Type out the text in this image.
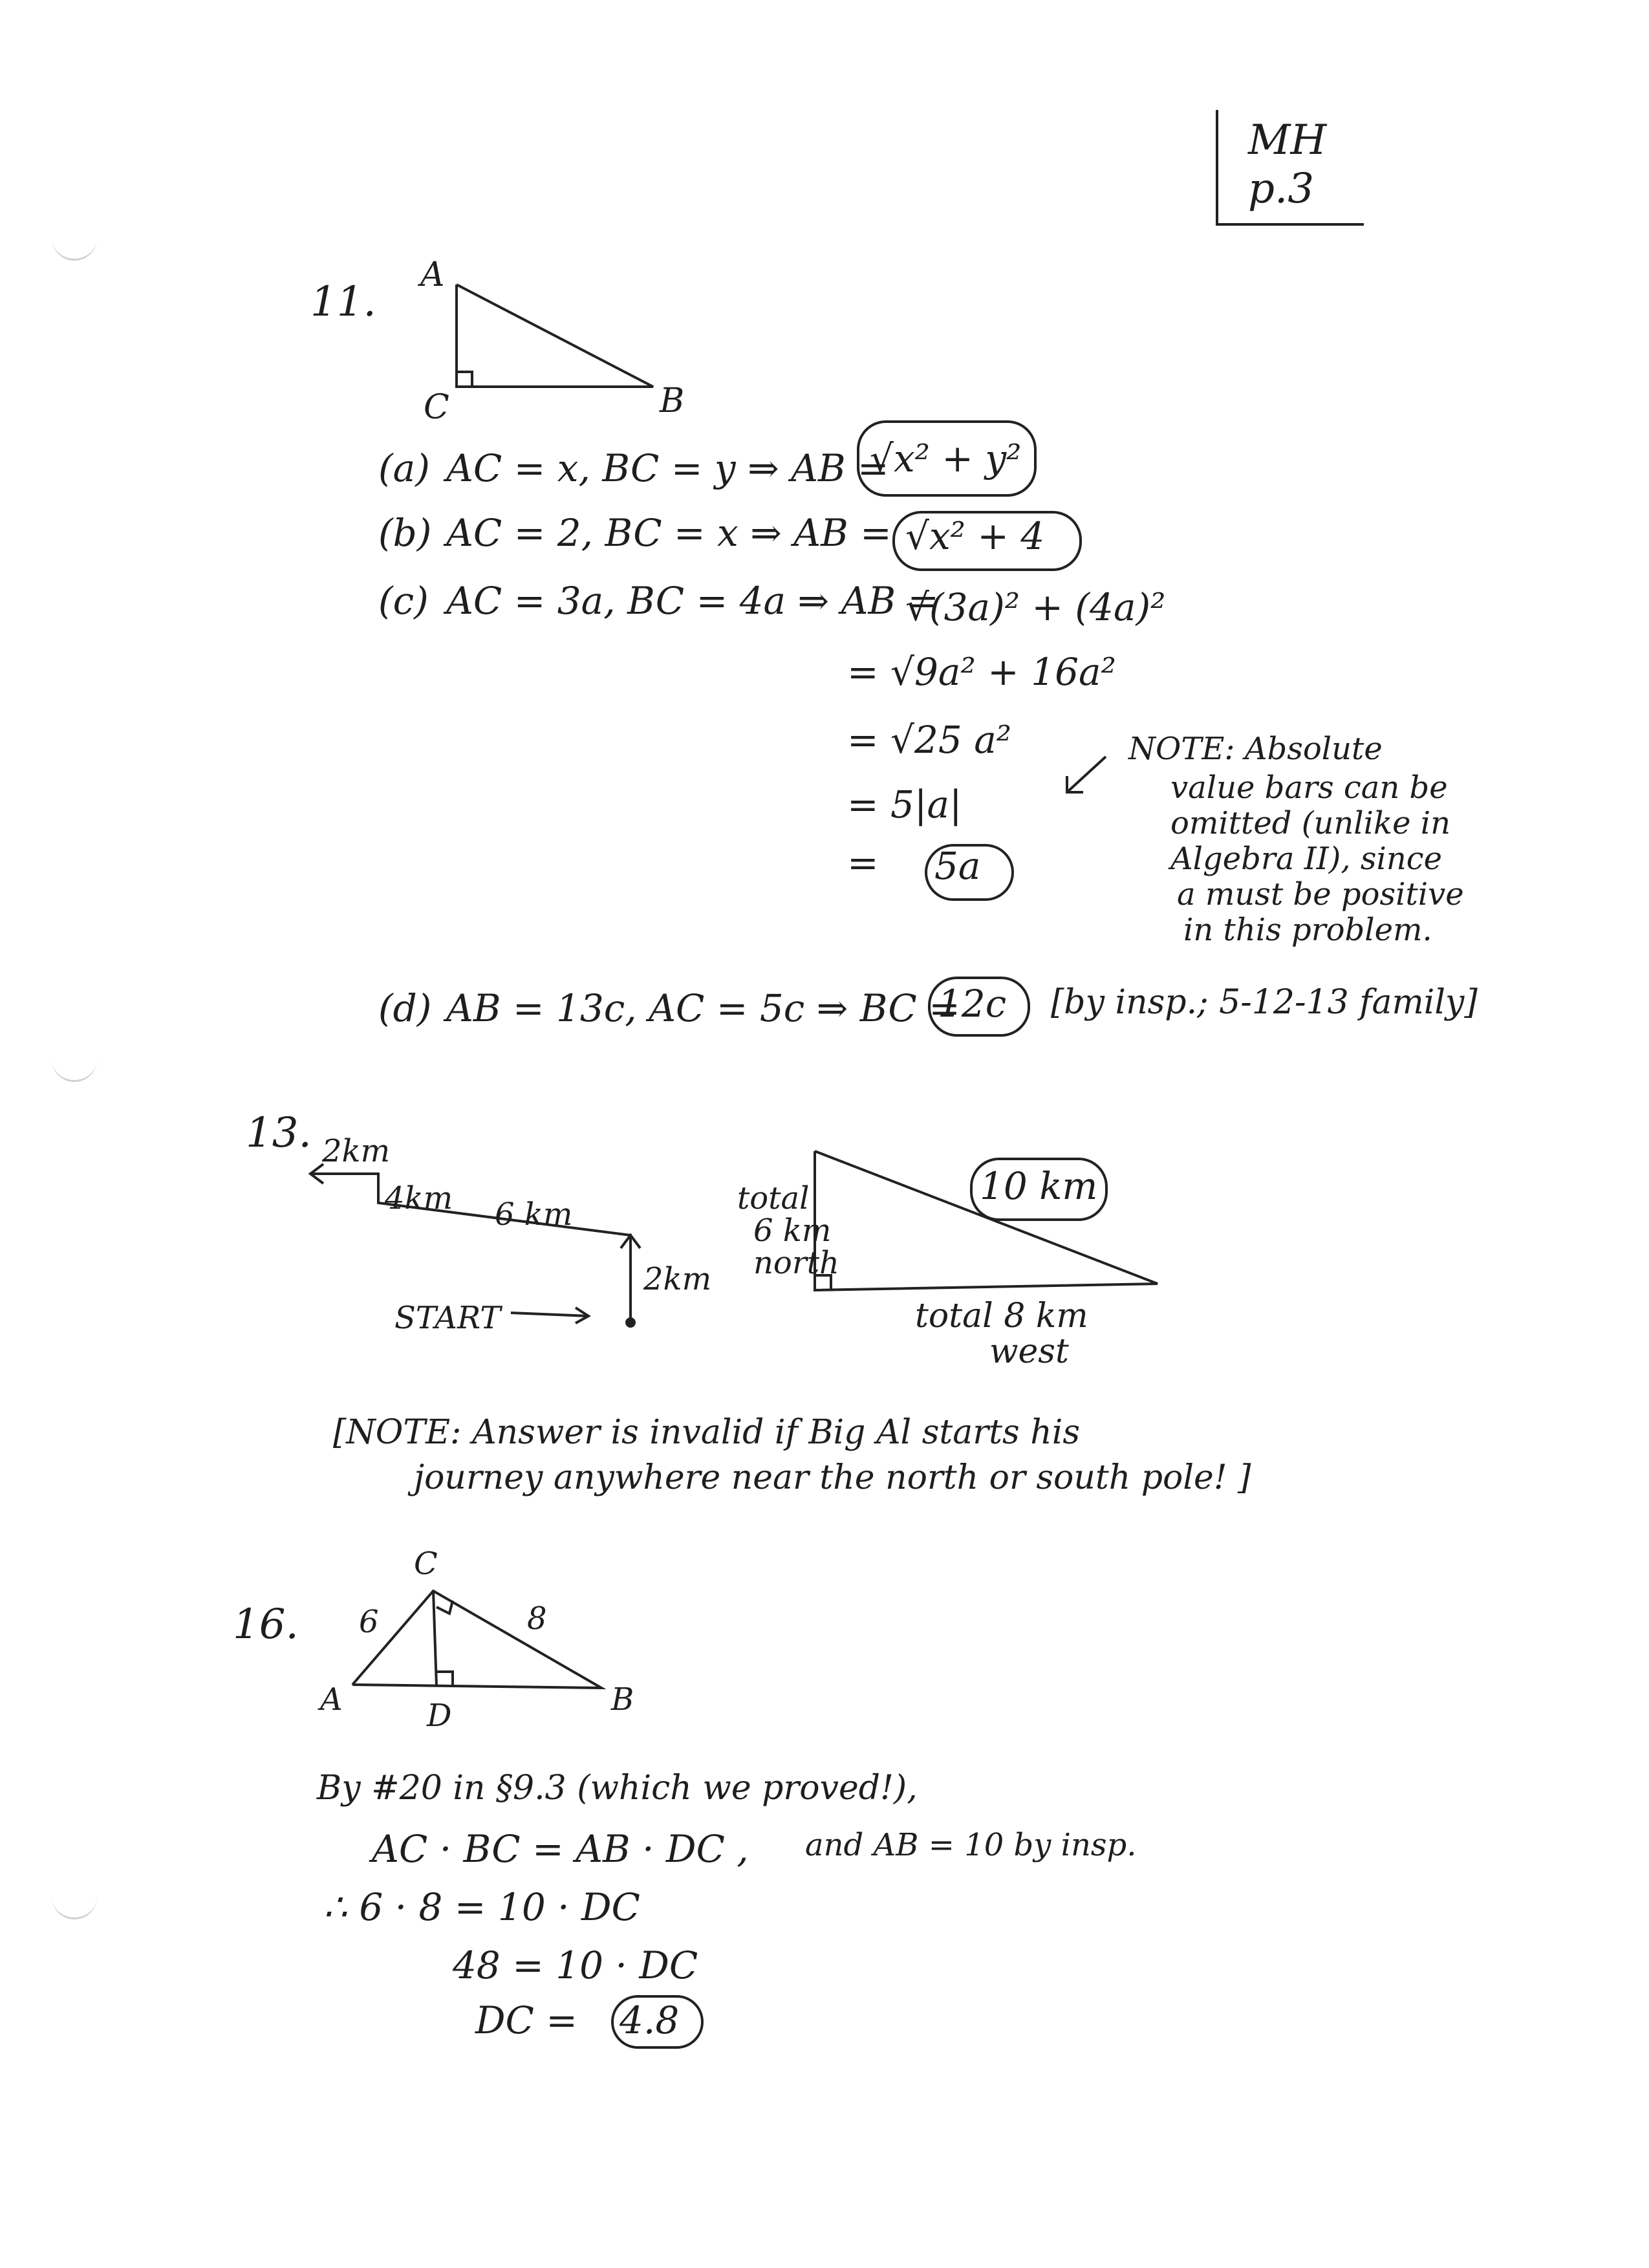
MH
p.3
11.
A
C	B
(a) AC = x, BC = y ⇒ AB =
√x² + y²
(b) AC = 2, BC = x ⇒ AB = √x² + 4
(c) AC = 3a, BC = 4a ⇒ AB =
√(3a)² + (4a)²
= √9a² + 16a²
= √25 a²
= 5|a|
= 5a
NOTE: Absolute
value bars can be
omitted (unlike in
Algebra II), since
a must be positive
in this problem.
(d) AB = 13c, AC = 5c ⇒ BC =
12c [by insp.; 5-12-13 family]
13. 2km
4km 6 km
2km
START
total
6 km
north
total 8 km
west
10 km
[NOTE: Answer is invalid if Big Al starts his
journey anywhere near the north or south pole! ]
16.
C
A	B
D
6	8
By #20 in §9.3 (which we proved!),
AC · BC = AB · DC , and AB = 10 by insp.
∴ 6 · 8 = 10 · DC
48 = 10 · DC
DC = 4.8
